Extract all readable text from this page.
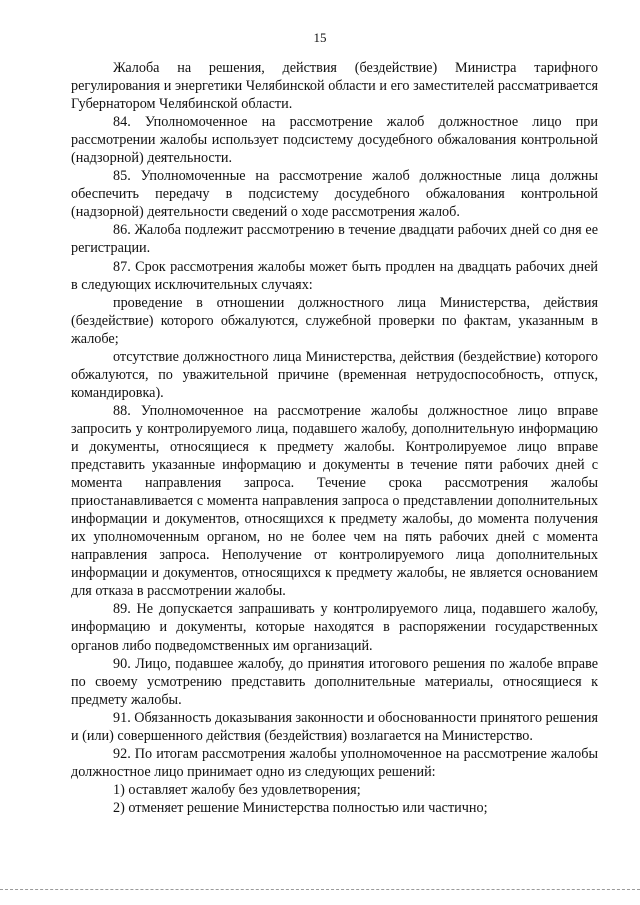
15

Жалоба на решения, действия (бездействие) Министра тарифного регулирования и энергетики Челябинской области и его заместителей рассматривается Губернатором Челябинской области.

84. Уполномоченное на рассмотрение жалоб должностное лицо при рассмотрении жалобы использует подсистему досудебного обжалования контрольной (надзорной) деятельности.

85. Уполномоченные на рассмотрение жалоб должностные лица должны обеспечить передачу в подсистему досудебного обжалования контрольной (надзорной) деятельности сведений о ходе рассмотрения жалоб.

86. Жалоба подлежит рассмотрению в течение двадцати рабочих дней со дня ее регистрации.

87. Срок рассмотрения жалобы может быть продлен на двадцать рабочих дней в следующих исключительных случаях:

проведение в отношении должностного лица Министерства, действия (бездействие) которого обжалуются, служебной проверки по фактам, указанным в жалобе;

отсутствие должностного лица Министерства, действия (бездействие) которого обжалуются, по уважительной причине (временная нетрудоспособность, отпуск, командировка).

88. Уполномоченное на рассмотрение жалобы должностное лицо вправе запросить у контролируемого лица, подавшего жалобу, дополнительную информацию и документы, относящиеся к предмету жалобы. Контролируемое лицо вправе представить указанные информацию и документы в течение пяти рабочих дней с момента направления запроса. Течение срока рассмотрения жалобы приостанавливается с момента направления запроса о представлении дополнительных информации и документов, относящихся к предмету жалобы, до момента получения их уполномоченным органом, но не более чем на пять рабочих дней с момента направления запроса. Неполучение от контролируемого лица дополнительных информации и документов, относящихся к предмету жалобы, не является основанием для отказа в рассмотрении жалобы.

89. Не допускается запрашивать у контролируемого лица, подавшего жалобу, информацию и документы, которые находятся в распоряжении государственных органов либо подведомственных им организаций.

90. Лицо, подавшее жалобу, до принятия итогового решения по жалобе вправе по своему усмотрению представить дополнительные материалы, относящиеся к предмету жалобы.

91. Обязанность доказывания законности и обоснованности принятого решения и (или) совершенного действия (бездействия) возлагается на Министерство.

92. По итогам рассмотрения жалобы уполномоченное на рассмотрение жалобы должностное лицо принимает одно из следующих решений:

1) оставляет жалобу без удовлетворения;

2) отменяет решение Министерства полностью или частично;
